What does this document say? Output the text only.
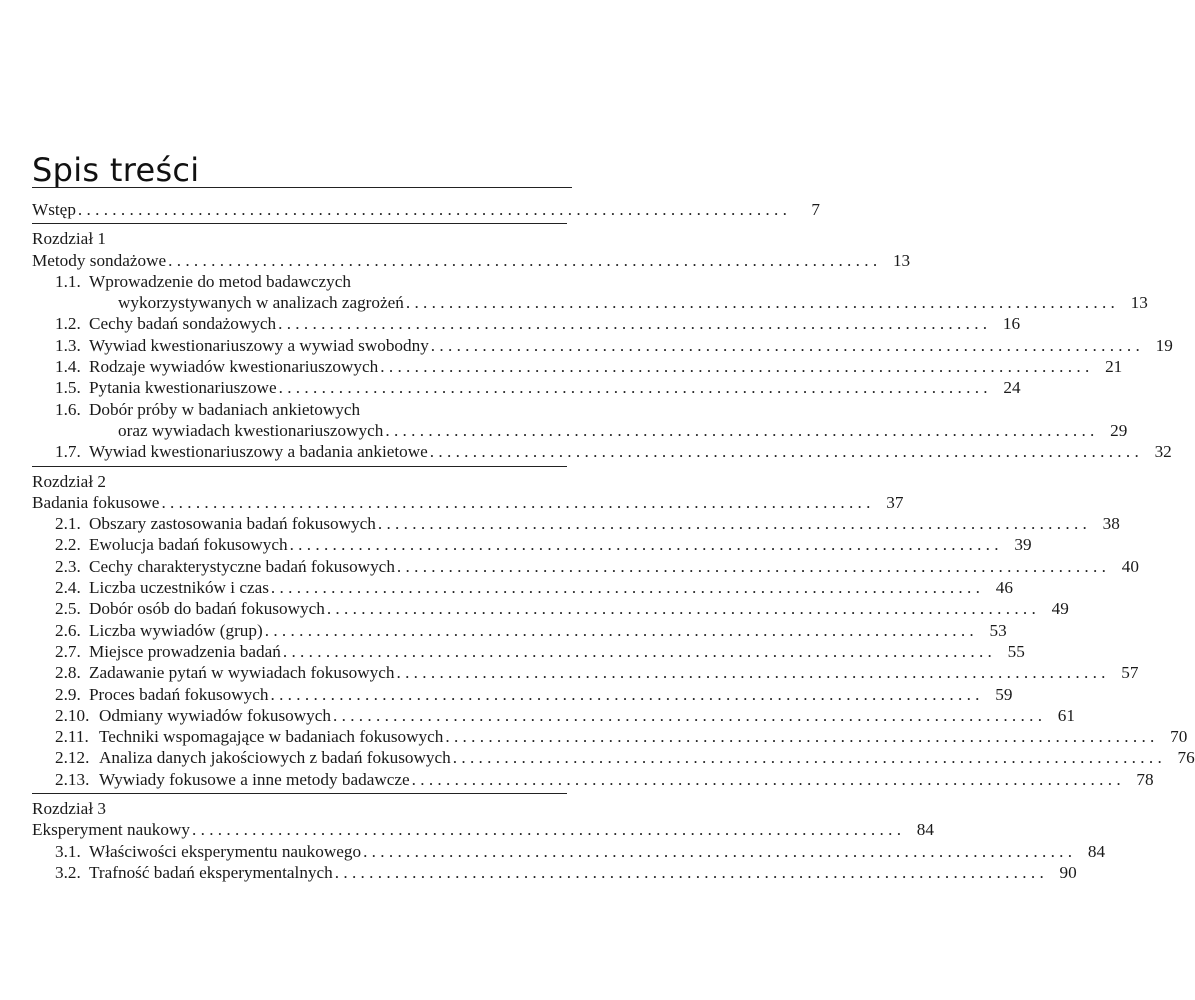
Spis treści
Wstęp . . .	7
Rozdział 1
Metody sondażowe . . .	13
1.1. Wprowadzenie do metod badawczych
wykorzystywanych w analizach zagrożeń . . .	13
1.2. Cechy badań sondażowych . . .	16
1.3. Wywiad kwestionariuszowy a wywiad swobodny . . .	19
1.4. Rodzaje wywiadów kwestionariuszowych . . .	21
1.5. Pytania kwestionariuszowe . . .	24
1.6. Dobór próby w badaniach ankietowych
oraz wywiadach kwestionariuszowych . . .	29
1.7. Wywiad kwestionariuszowy a badania ankietowe . . .	32
Rozdział 2
Badania fokusowe . . .	37
2.1. Obszary zastosowania badań fokusowych . . .	38
2.2. Ewolucja badań fokusowych . . .	39
2.3. Cechy charakterystyczne badań fokusowych . . .	40
2.4. Liczba uczestników i czas . . .	46
2.5. Dobór osób do badań fokusowych . . .	49
2.6. Liczba wywiadów (grup) . . .	53
2.7. Miejsce prowadzenia badań . . .	55
2.8. Zadawanie pytań w wywiadach fokusowych . . .	57
2.9. Proces badań fokusowych . . .	59
2.10. Odmiany wywiadów fokusowych . . .	61
2.11. Techniki wspomagające w badaniach fokusowych . . .	70
2.12. Analiza danych jakościowych z badań fokusowych . . .	76
2.13. Wywiady fokusowe a inne metody badawcze . . .	78
Rozdział 3
Eksperyment naukowy . . .	84
3.1. Właściwości eksperymentu naukowego . . .	84
3.2. Trafność badań eksperymentalnych . . .	90
